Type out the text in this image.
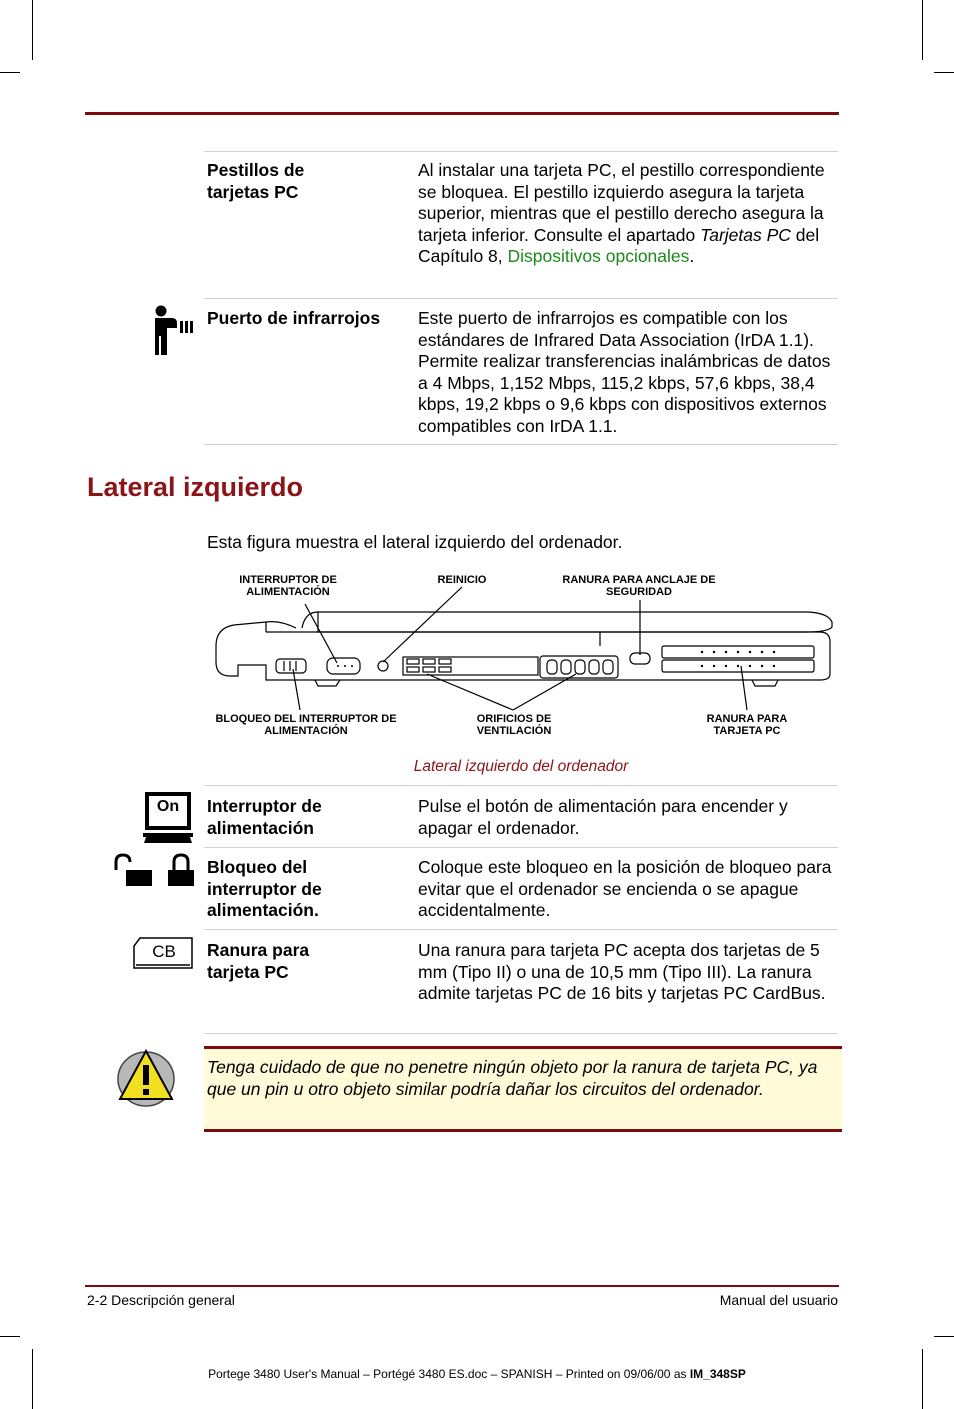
Pestillos de tarjetas PC
Al instalar una tarjeta PC, el pestillo correspondiente se bloquea. El pestillo izquierdo asegura la tarjeta superior, mientras que el pestillo derecho asegura la tarjeta inferior. Consulte el apartado Tarjetas PC del Capítulo 8, Dispositivos opcionales.
Puerto de infrarrojos	Este puerto de infrarrojos es compatible con los estándares de Infrared Data Association (IrDA 1.1). Permite realizar transferencias inalámbricas de datos a 4 Mbps, 1,152 Mbps, 115,2 kbps, 57,6 kbps, 38,4 kbps, 19,2 kbps o 9,6 kbps con dispositivos externos compatibles con IrDA 1.1.
Lateral izquierdo
Esta figura muestra el lateral izquierdo del ordenador.
INTERRUPTOR DE ALIMENTACIÓN
REINICIO	RANURA PARA ANCLAJE DE SEGURIDAD
BLOQUEO DEL INTERRUPTOR DE ALIMENTACIÓN
ORIFICIOS DE VENTILACIÓN
RANURA PARA TARJETA PC
Lateral izquierdo del ordenador
On Interruptor de alimentación
Pulse el botón de alimentación para encender y apagar el ordenador.
Bloqueo del interruptor de alimentación.
Coloque este bloqueo en la posición de bloqueo para evitar que el ordenador se encienda o se apague accidentalmente.
CB	Ranura para tarjeta PC
Una ranura para tarjeta PC acepta dos tarjetas de 5 mm (Tipo II) o una de 10,5 mm (Tipo III). La ranura admite tarjetas PC de 16 bits y tarjetas PC CardBus.
Tenga cuidado de que no penetre ningún objeto por la ranura de tarjeta PC, ya que un pin u otro objeto similar podría dañar los circuitos del ordenador.
2-2 Descripción general	Manual del usuario
Portege 3480 User's Manual – Portégé 3480 ES.doc – SPANISH – Printed on 09/06/00 as IM_348SP
